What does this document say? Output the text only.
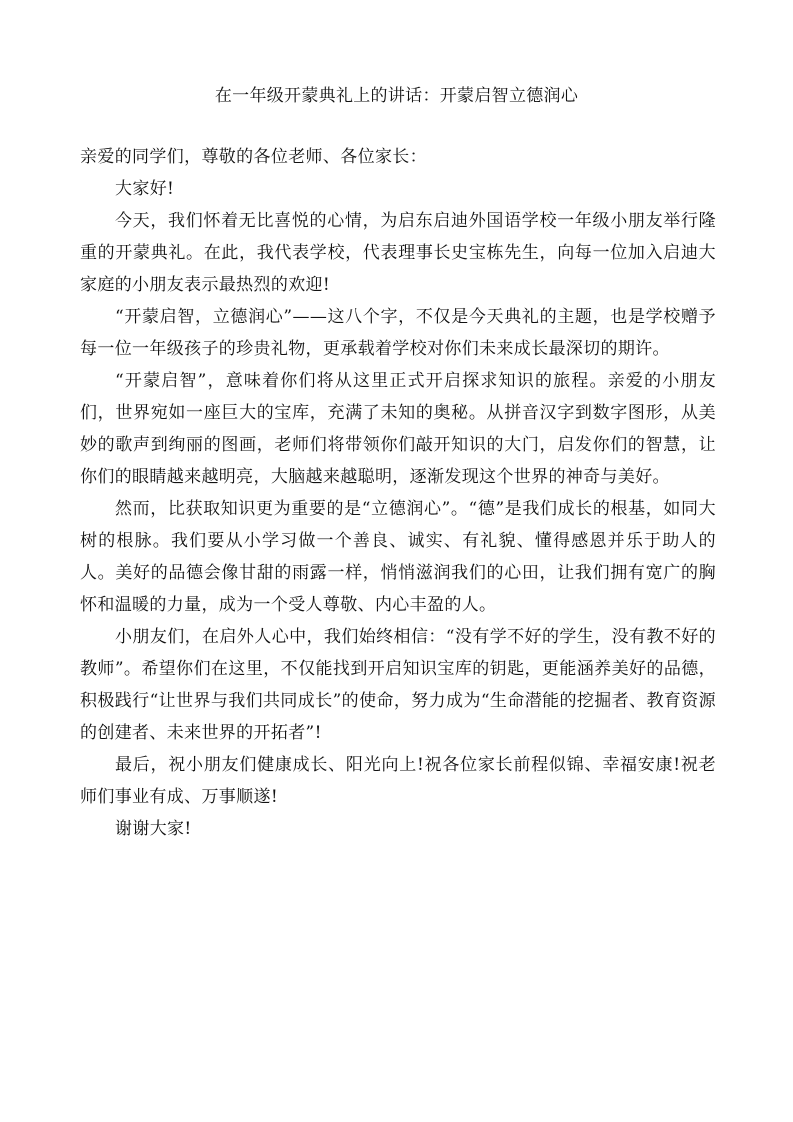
在一年级开蒙典礼上的讲话：开蒙启智立德润心

亲爱的同学们，尊敬的各位老师、各位家长：

大家好!

今天，我们怀着无比喜悦的心情，为启东启迪外国语学校一年级小朋友举行隆重的开蒙典礼。在此，我代表学校，代表理事长史宝栋先生，向每一位加入启迪大家庭的小朋友表示最热烈的欢迎!

“开蒙启智，立德润心”——这八个字，不仅是今天典礼的主题，也是学校赠予每一位一年级孩子的珍贵礼物，更承载着学校对你们未来成长最深切的期许。

“开蒙启智”，意味着你们将从这里正式开启探求知识的旅程。亲爱的小朋友们，世界宛如一座巨大的宝库，充满了未知的奥秘。从拼音汉字到数字图形，从美妙的歌声到绚丽的图画，老师们将带领你们敲开知识的大门，启发你们的智慧，让你们的眼睛越来越明亮，大脑越来越聪明，逐渐发现这个世界的神奇与美好。

然而，比获取知识更为重要的是“立德润心”。“德”是我们成长的根基，如同大树的根脉。我们要从小学习做一个善良、诚实、有礼貌、懂得感恩并乐于助人的人。美好的品德会像甘甜的雨露一样，悄悄滋润我们的心田，让我们拥有宽广的胸怀和温暖的力量，成为一个受人尊敬、内心丰盈的人。

小朋友们，在启外人心中，我们始终相信：“没有学不好的学生，没有教不好的教师”。希望你们在这里，不仅能找到开启知识宝库的钥匙，更能涵养美好的品德，积极践行“让世界与我们共同成长”的使命，努力成为“生命潜能的挖掘者、教育资源的创建者、未来世界的开拓者”!

最后，祝小朋友们健康成长、阳光向上!祝各位家长前程似锦、幸福安康!祝老师们事业有成、万事顺遂!

谢谢大家!
